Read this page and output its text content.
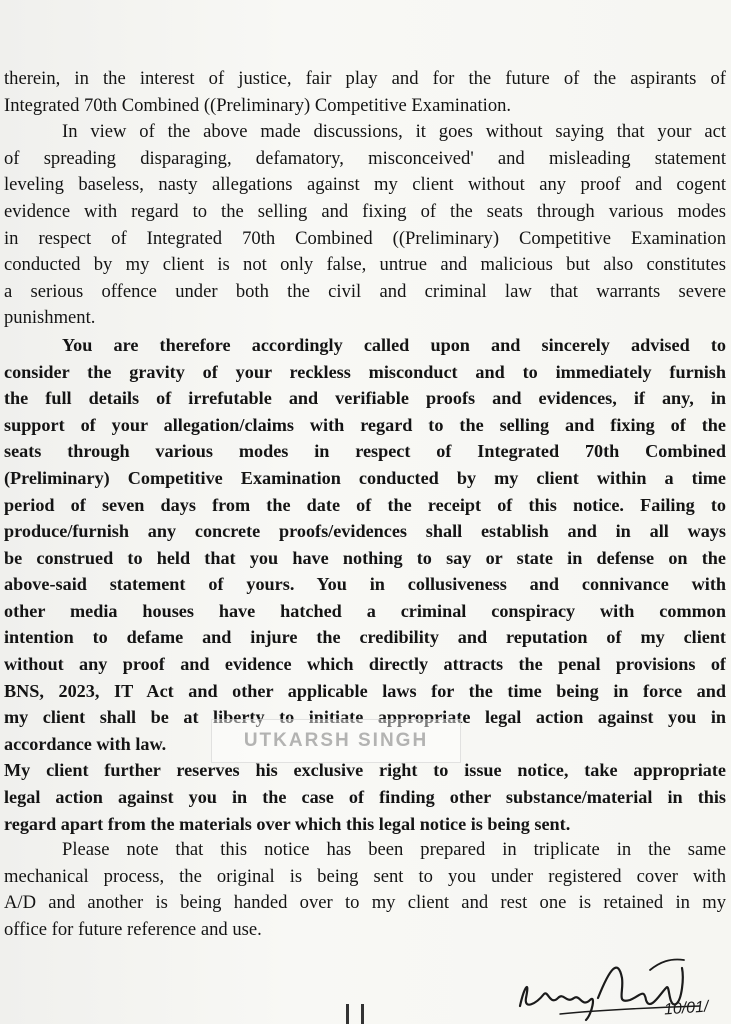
therein, in the interest of justice, fair play and for the future of the aspirants of
Integrated 70th Combined ((Preliminary) Competitive Examination.
In view of the above made discussions, it goes without saying that your act
of spreading disparaging, defamatory, misconceived' and misleading statement
leveling baseless, nasty allegations against my client without any proof and cogent
evidence with regard to the selling and fixing of the seats through various modes
in respect of Integrated 70th Combined ((Preliminary) Competitive Examination
conducted by my client is not only false, untrue and malicious but also constitutes
a serious offence under both the civil and criminal law that warrants severe
punishment.
You are therefore accordingly called upon and sincerely advised to
consider the gravity of your reckless misconduct and to immediately furnish
the full details of irrefutable and verifiable proofs and evidences, if any, in
support of your allegation/claims with regard to the selling and fixing of the
seats through various modes in respect of Integrated 70th Combined
(Preliminary) Competitive Examination conducted by my client within a time
period of seven days from the date of the receipt of this notice. Failing to
produce/furnish any concrete proofs/evidences shall establish and in all ways
be construed to held that you have nothing to say or state in defense on the
above-said statement of yours. You in collusiveness and connivance with
other media houses have hatched a criminal conspiracy with common
intention to defame and injure the credibility and reputation of my client
without any proof and evidence which directly attracts the penal provisions of
BNS, 2023, IT Act and other applicable laws for the time being in force and
my client shall be at liberty to initiate appropriate legal action against you in
accordance with law.
My client further reserves his exclusive right to issue notice, take appropriate
legal action against you in the case of finding other substance/material in this
regard apart from the materials over which this legal notice is being sent.
Please note that this notice has been prepared in triplicate in the same
mechanical process, the original is being sent to you under registered cover with
A/D and another is being handed over to my client and rest one is retained in my
office for future reference and use.
UTKARSH SINGH
10/01/
